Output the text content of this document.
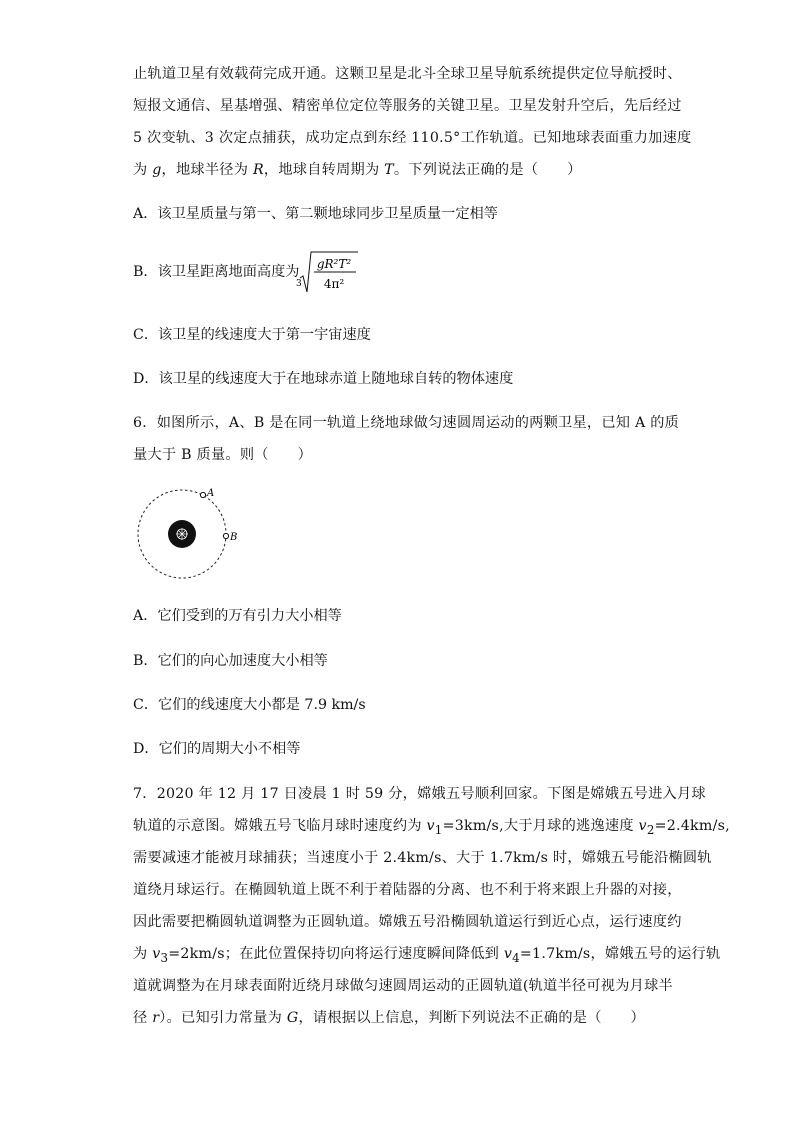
止轨道卫星有效载荷完成开通。这颗卫星是北斗全球卫星导航系统提供定位导航授时、
短报文通信、星基增强、精密单位定位等服务的关键卫星。卫星发射升空后，先后经过
5 次变轨、3 次定点捕获，成功定点到东经 110.5°工作轨道。已知地球表面重力加速度
为 g，地球半径为 R，地球自转周期为 T。下列说法正确的是（　　）
A．该卫星质量与第一、第二颗地球同步卫星质量一定相等
B．该卫星距离地面高度为
3
gR²T²
4π²
C．该卫星的线速度大于第一宇宙速度
D．该卫星的线速度大于在地球赤道上随地球自转的物体速度
6．如图所示，A、B 是在同一轨道上绕地球做匀速圆周运动的两颗卫星，已知 A 的质
量大于 B 质量。则（　　）
A
B
A．它们受到的万有引力大小相等
B．它们的向心加速度大小相等
C．它们的线速度大小都是 7.9 km/s
D．它们的周期大小不相等
7．2020 年 12 月 17 日凌晨 1 时 59 分，嫦娥五号顺利回家。下图是嫦娥五号进入月球
轨道的示意图。嫦娥五号飞临月球时速度约为 $v_1=3km/s$,大于月球的逃逸速度 $v_2=2.4km/s$,
需要减速才能被月球捕获；当速度小于 2.4km/s、大于 1.7km/s 时，嫦娥五号能沿椭圆轨
道绕月球运行。在椭圆轨道上既不利于着陆器的分离、也不利于将来跟上升器的对接，
因此需要把椭圆轨道调整为正圆轨道。嫦娥五号沿椭圆轨道运行到近心点，运行速度约
为 $v_3=2km/s$；在此位置保持切向将运行速度瞬间降低到 $v_4=1.7km/s$，嫦娥五号的运行轨
道就调整为在月球表面附近绕月球做匀速圆周运动的正圆轨道(轨道半径可视为月球半
径 r）。已知引力常量为 G，请根据以上信息，判断下列说法不正确的是（　　）
